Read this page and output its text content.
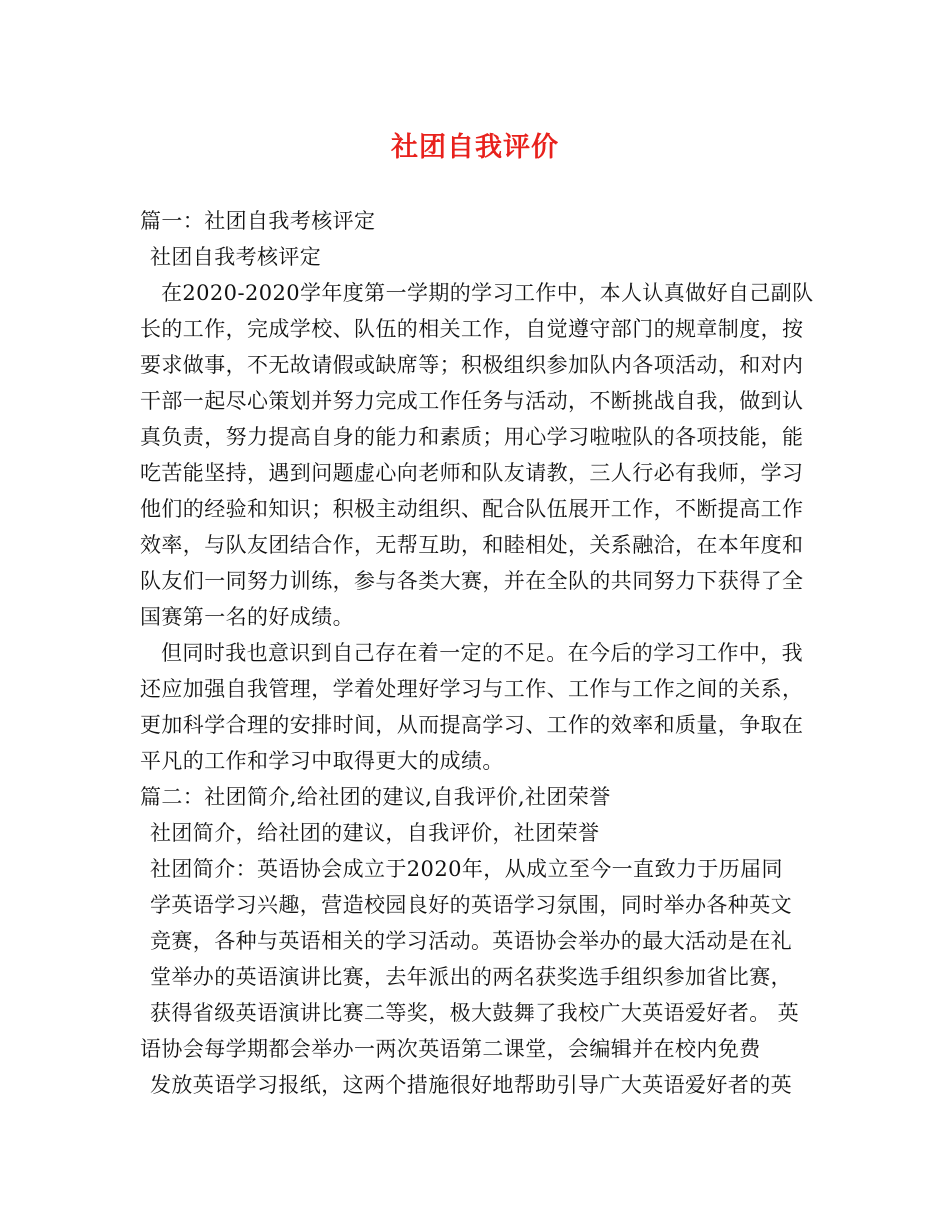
社团自我评价
篇一：社团自我考核评定
社团自我考核评定
在2020-2020学年度第一学期的学习工作中，本人认真做好自己副队
长的工作，完成学校、队伍的相关工作，自觉遵守部门的规章制度，按
要求做事，不无故请假或缺席等；积极组织参加队内各项活动，和对内
干部一起尽心策划并努力完成工作任务与活动，不断挑战自我，做到认
真负责，努力提高自身的能力和素质；用心学习啦啦队的各项技能，能
吃苦能坚持，遇到问题虚心向老师和队友请教，三人行必有我师，学习
他们的经验和知识；积极主动组织、配合队伍展开工作，不断提高工作
效率，与队友团结合作，无帮互助，和睦相处，关系融洽，在本年度和
队友们一同努力训练，参与各类大赛，并在全队的共同努力下获得了全
国赛第一名的好成绩。
但同时我也意识到自己存在着一定的不足。在今后的学习工作中，我
还应加强自我管理，学着处理好学习与工作、工作与工作之间的关系，
更加科学合理的安排时间，从而提高学习、工作的效率和质量，争取在
平凡的工作和学习中取得更大的成绩。
篇二：社团简介,给社团的建议,自我评价,社团荣誉
社团简介，给社团的建议，自我评价，社团荣誉
社团简介：英语协会成立于2020年，从成立至今一直致力于历届同
学英语学习兴趣，营造校园良好的英语学习氛围，同时举办各种英文
竞赛，各种与英语相关的学习活动。英语协会举办的最大活动是在礼
堂举办的英语演讲比赛，去年派出的两名获奖选手组织参加省比赛，
获得省级英语演讲比赛二等奖，极大鼓舞了我校广大英语爱好者。 英
语协会每学期都会举办一两次英语第二课堂，会编辑并在校内免费
发放英语学习报纸，这两个措施很好地帮助引导广大英语爱好者的英
